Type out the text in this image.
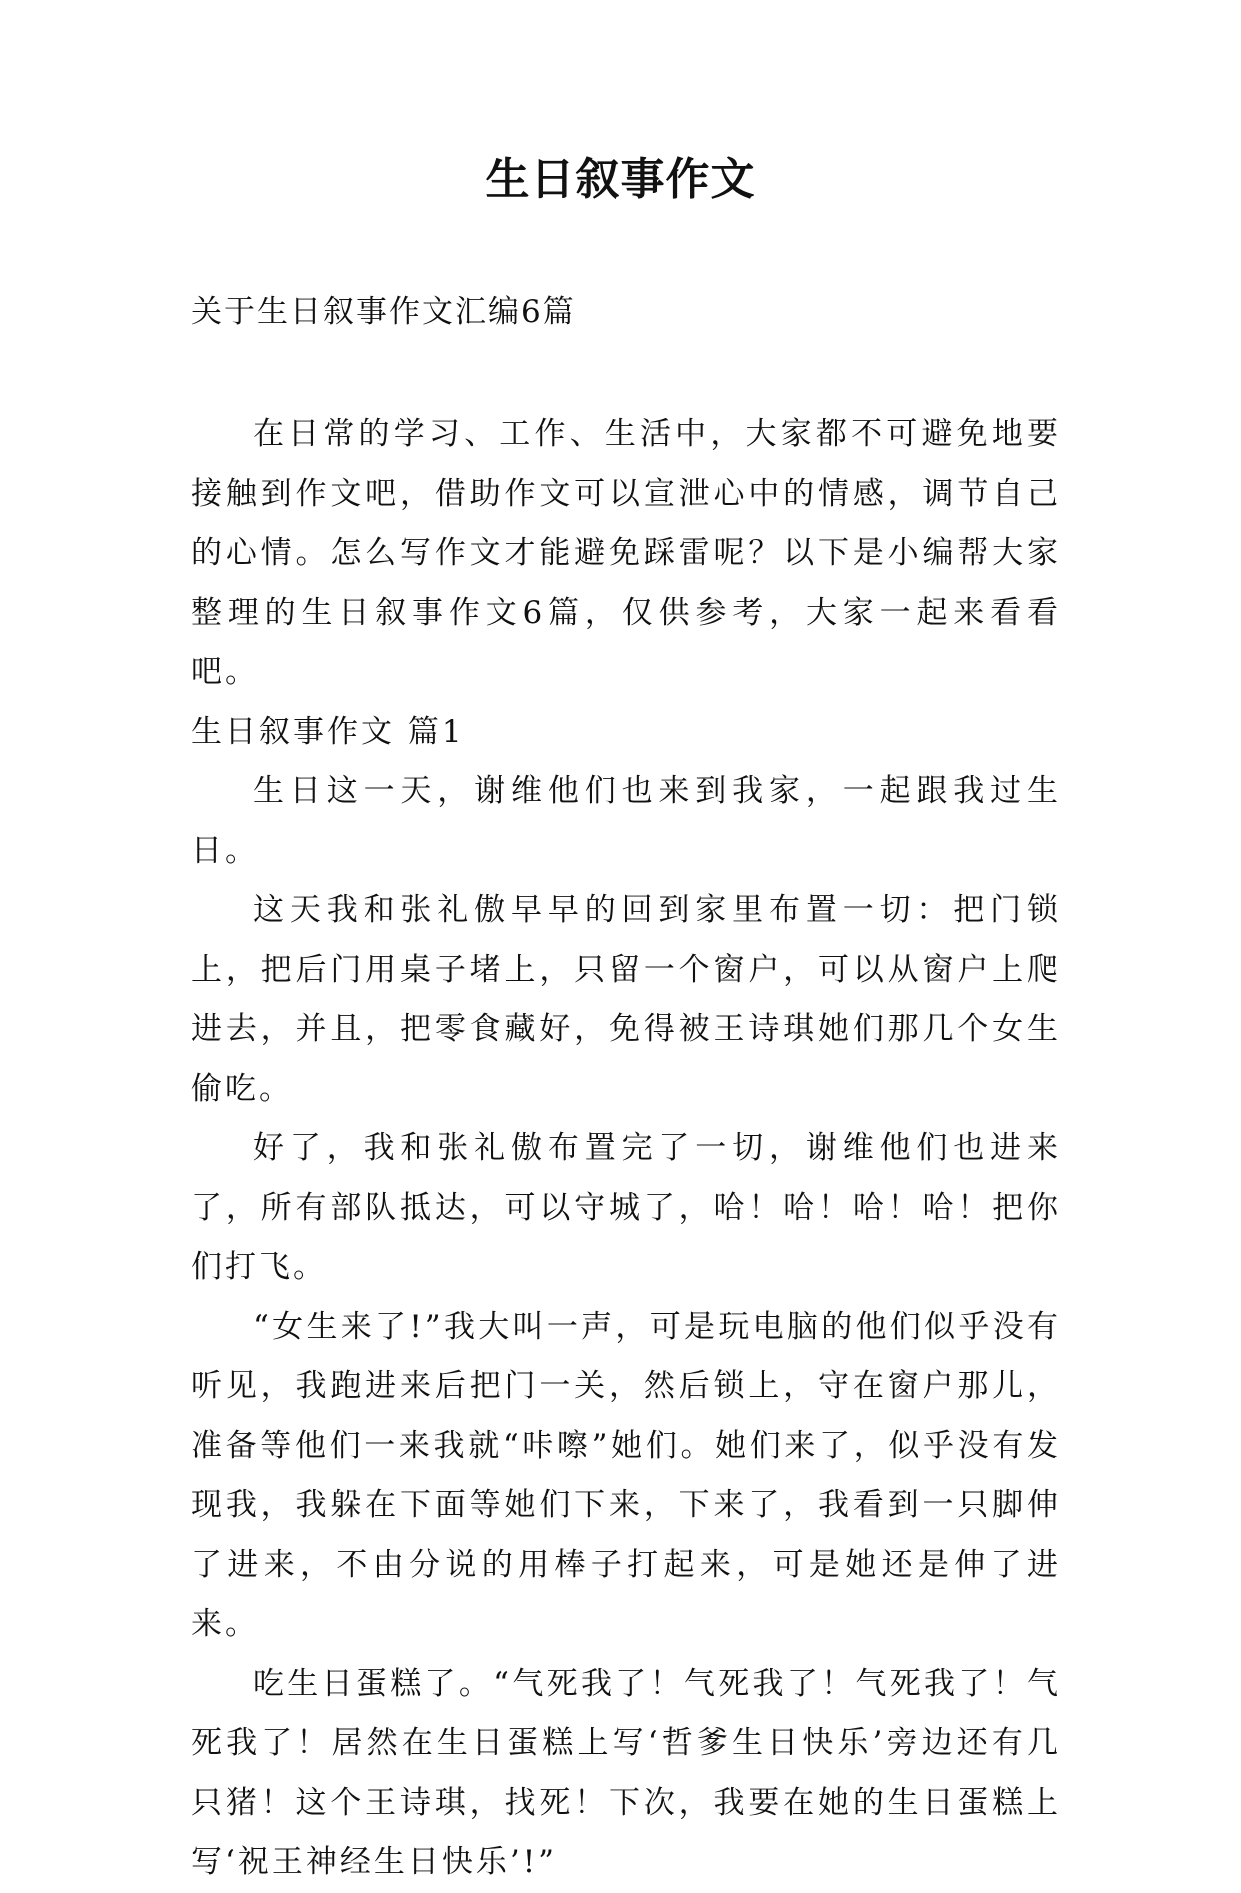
生日叙事作文

关于生日叙事作文汇编6篇

在日常的学习、工作、生活中，大家都不可避免地要接触到作文吧，借助作文可以宣泄心中的情感，调节自己的心情。怎么写作文才能避免踩雷呢？以下是小编帮大家整理的生日叙事作文6篇，仅供参考，大家一起来看看吧。

生日叙事作文 篇1

生日这一天，谢维他们也来到我家，一起跟我过生日。

这天我和张礼傲早早的回到家里布置一切：把门锁上，把后门用桌子堵上，只留一个窗户，可以从窗户上爬进去，并且，把零食藏好，免得被王诗琪她们那几个女生偷吃。

好了，我和张礼傲布置完了一切，谢维他们也进来了，所有部队抵达，可以守城了，哈！哈！哈！哈！把你们打飞。

“女生来了!”我大叫一声，可是玩电脑的他们似乎没有听见，我跑进来后把门一关，然后锁上，守在窗户那儿，准备等他们一来我就“咔嚓”她们。她们来了，似乎没有发现我，我躲在下面等她们下来，下来了，我看到一只脚伸了进来，不由分说的用棒子打起来，可是她还是伸了进来。

吃生日蛋糕了。“气死我了！气死我了！气死我了！气死我了！居然在生日蛋糕上写‘哲爹生日快乐’旁边还有几只猪！这个王诗琪，找死！下次，我要在她的生日蛋糕上写‘祝王神经生日快乐’!”
